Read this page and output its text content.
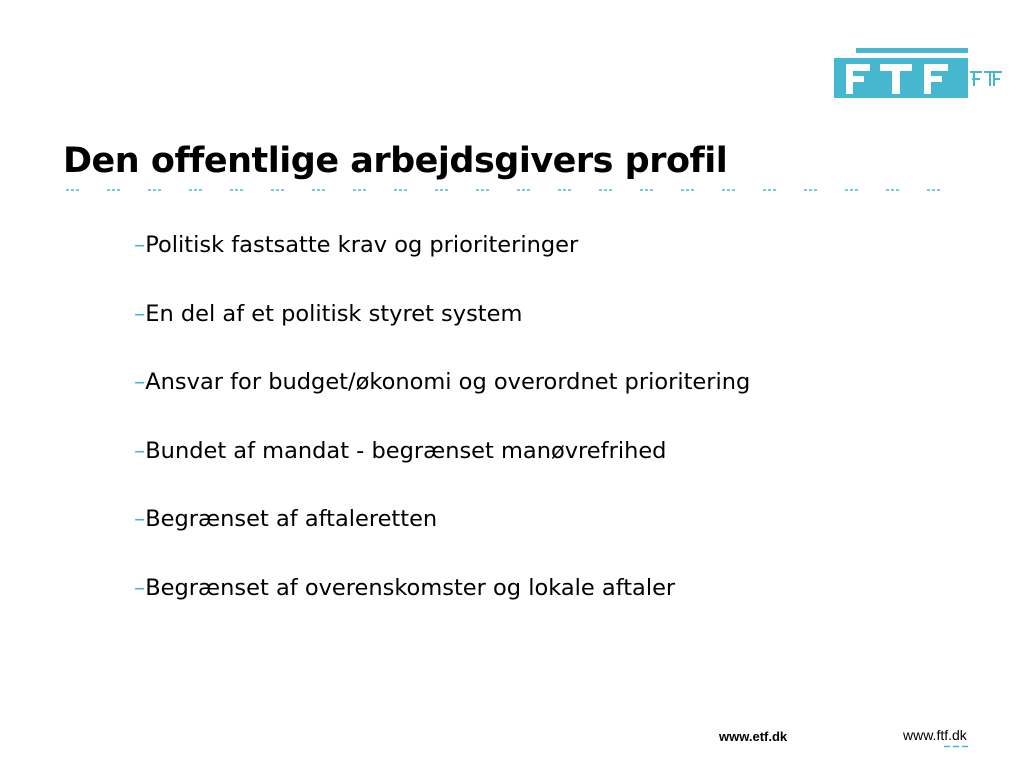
Den offentlige arbejdsgivers profil
– Politisk fastsatte krav og prioriteringer
– En del af et politisk styret system
– Ansvar for budget/økonomi og overordnet prioritering
– Bundet af mandat - begrænset manøvrefrihed
– Begrænset af aftaleretten
– Begrænset af overenskomster og lokale aftaler
www.etf.dk	www.ftf.dk
